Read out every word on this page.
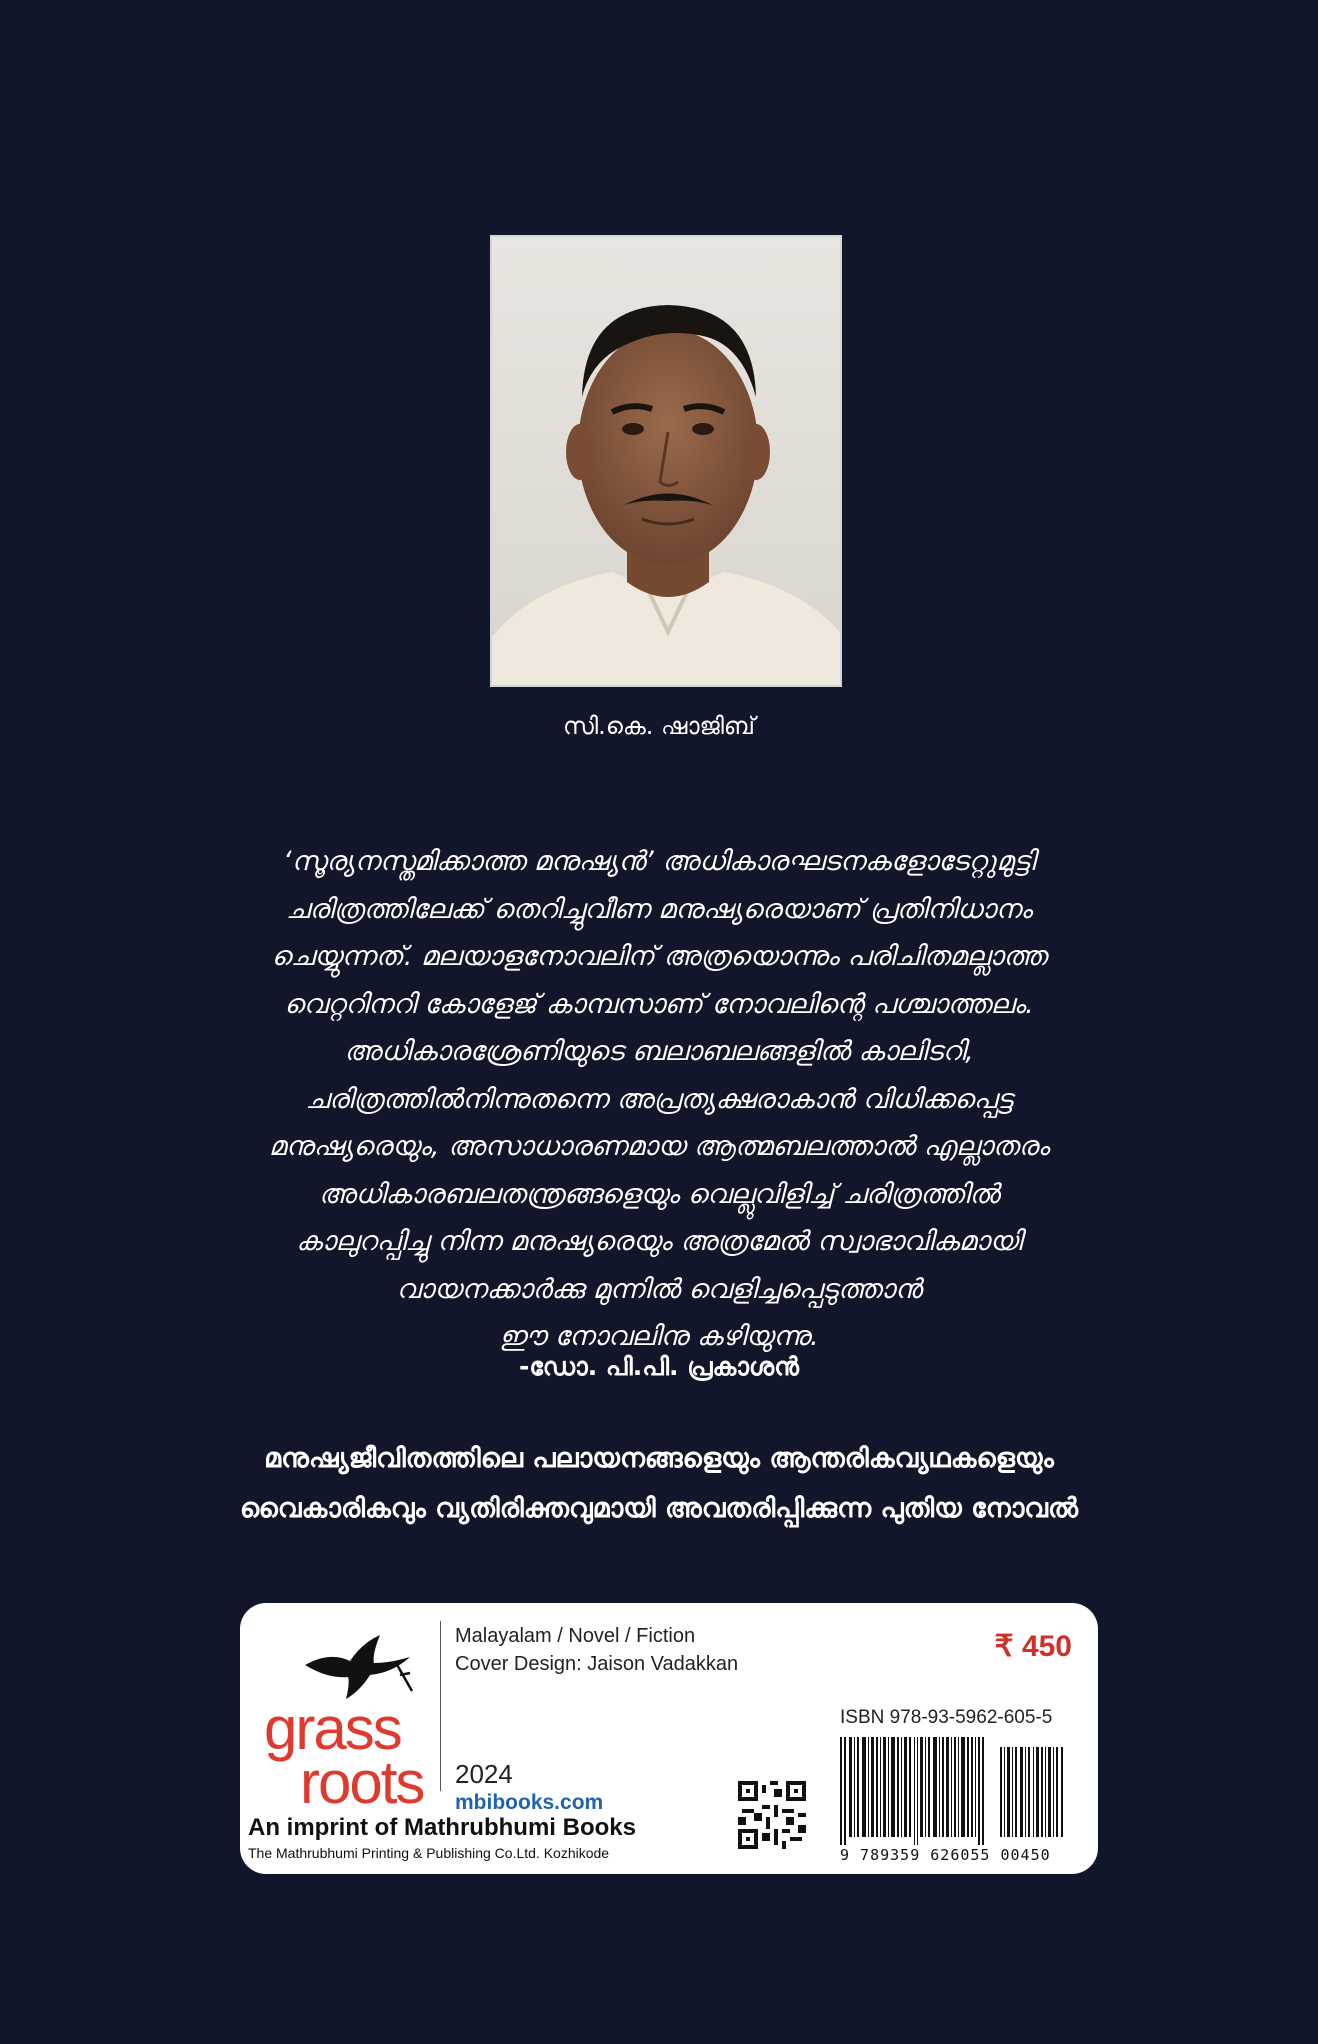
സി.കെ. ഷാജിബ്
‘സൂര്യനസ്തമിക്കാത്ത മനുഷ്യൻ’ അധികാരഘടനകളോടേറ്റുമുട്ടി
ചരിത്രത്തിലേക്ക് തെറിച്ചുവീണ മനുഷ്യരെയാണ് പ്രതിനിധാനം
ചെയ്യുന്നത്. മലയാളനോവലിന് അത്രയൊന്നും പരിചിതമല്ലാത്ത
വെറ്ററിനറി കോളേജ് കാമ്പസാണ് നോവലിന്റെ പശ്ചാത്തലം.
അധികാരശ്രേണിയുടെ ബലാബലങ്ങളിൽ കാലിടറി,
ചരിത്രത്തിൽനിന്നുതന്നെ അപ്രത്യക്ഷരാകാൻ വിധിക്കപ്പെട്ട
മനുഷ്യരെയും, അസാധാരണമായ ആത്മബലത്താൽ എല്ലാതരം
അധികാരബലതന്ത്രങ്ങളെയും വെല്ലുവിളിച്ച് ചരിത്രത്തിൽ
കാലുറപ്പിച്ചു നിന്ന മനുഷ്യരെയും അത്രമേൽ സ്വാഭാവികമായി
വായനക്കാർക്കു മുന്നിൽ വെളിച്ചപ്പെടുത്താൻ
ഈ നോവലിനു കഴിയുന്നു.
-ഡോ. പി.പി. പ്രകാശൻ
മനുഷ്യജീവിതത്തിലെ പലായനങ്ങളെയും ആന്തരികവ്യഥകളെയും
വൈകാരികവും വ്യതിരിക്തവുമായി അവതരിപ്പിക്കുന്ന പുതിയ നോവൽ
grass
roots
An imprint of Mathrubhumi Books
The Mathrubhumi Printing & Publishing Co.Ltd. Kozhikode
Malayalam / Novel / Fiction
Cover Design: Jaison Vadakkan
2024
mbibooks.com
₹ 450
ISBN 978-93-5962-605-5
9 789359 626055 00450
